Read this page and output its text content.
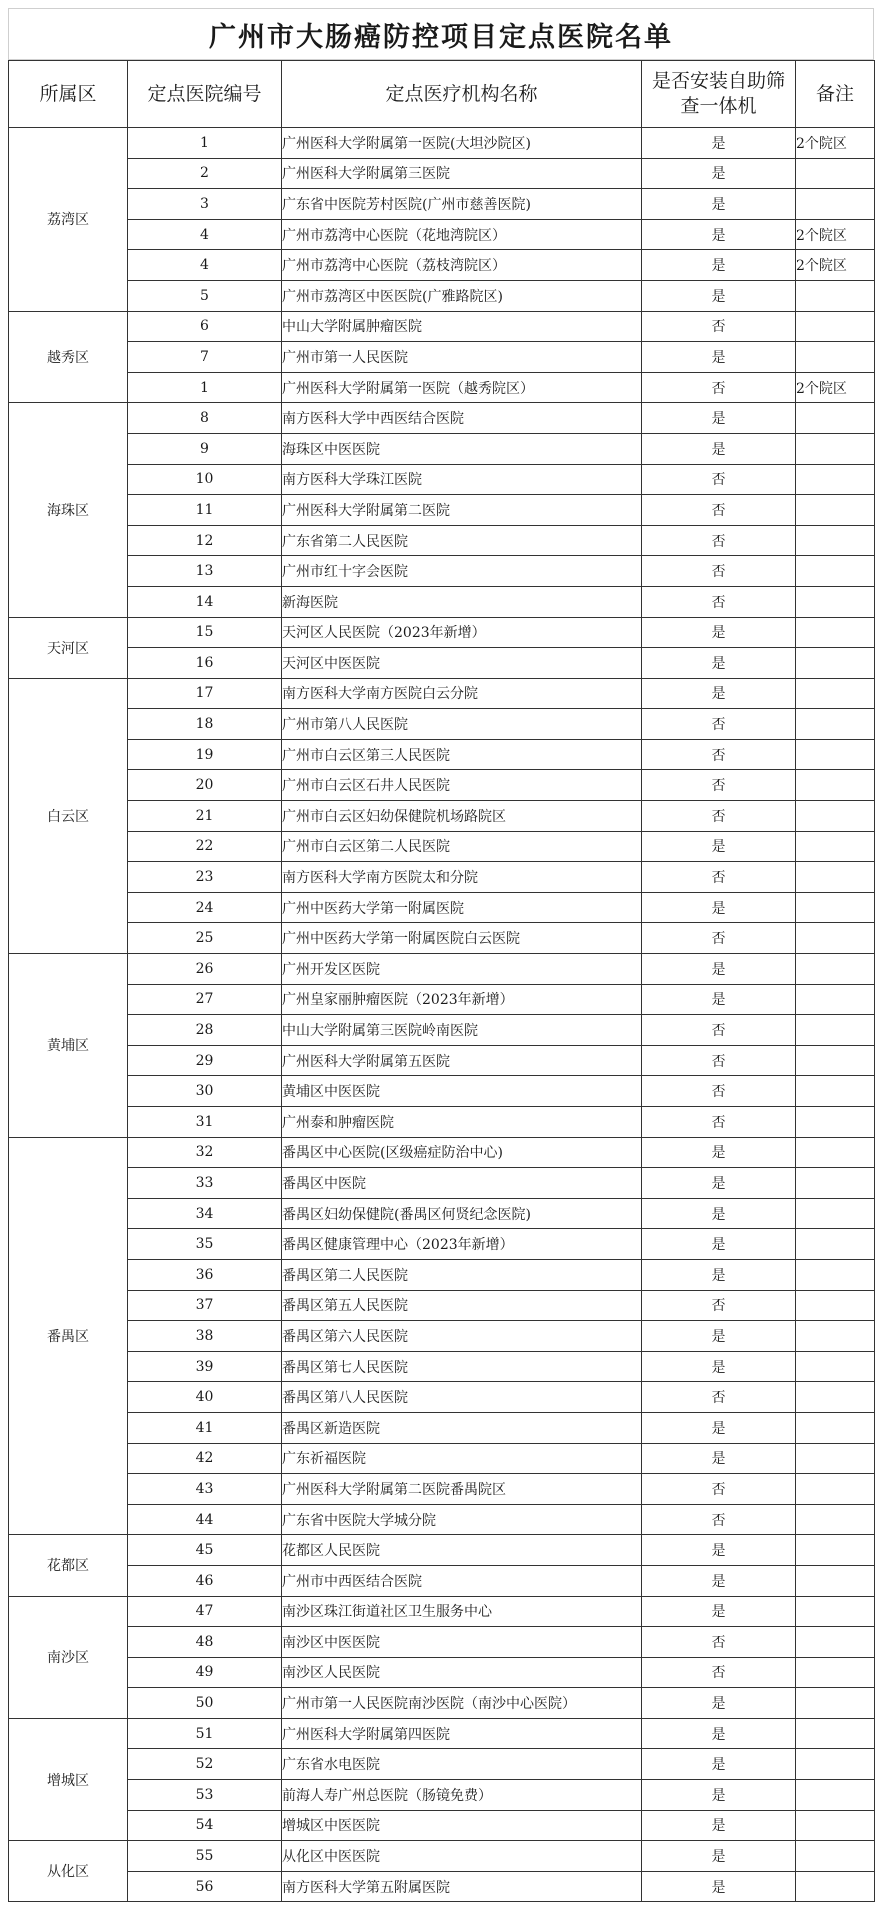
广州市大肠癌防控项目定点医院名单
所属区	定点医院编号	定点医疗机构名称	是否安装自助筛查一体机	备注
荔湾区	1	广州医科大学附属第一医院(大坦沙院区)	是	2个院区
	2	广州医科大学附属第三医院	是	
	3	广东省中医院芳村医院(广州市慈善医院)	是	
	4	广州市荔湾中心医院（花地湾院区）	是	2个院区
	4	广州市荔湾中心医院（荔枝湾院区）	是	2个院区
	5	广州市荔湾区中医医院(广雅路院区)	是	
越秀区	6	中山大学附属肿瘤医院	否	
	7	广州市第一人民医院	是	
	1	广州医科大学附属第一医院（越秀院区）	否	2个院区
海珠区	8	南方医科大学中西医结合医院	是	
	9	海珠区中医医院	是	
	10	南方医科大学珠江医院	否	
	11	广州医科大学附属第二医院	否	
	12	广东省第二人民医院	否	
	13	广州市红十字会医院	否	
	14	新海医院	否	
天河区	15	天河区人民医院（2023年新增）	是	
	16	天河区中医医院	是	
白云区	17	南方医科大学南方医院白云分院	是	
	18	广州市第八人民医院	否	
	19	广州市白云区第三人民医院	否	
	20	广州市白云区石井人民医院	否	
	21	广州市白云区妇幼保健院机场路院区	否	
	22	广州市白云区第二人民医院	是	
	23	南方医科大学南方医院太和分院	否	
	24	广州中医药大学第一附属医院	是	
	25	广州中医药大学第一附属医院白云医院	否	
黄埔区	26	广州开发区医院	是	
	27	广州皇家丽肿瘤医院（2023年新增）	是	
	28	中山大学附属第三医院岭南医院	否	
	29	广州医科大学附属第五医院	否	
	30	黄埔区中医医院	否	
	31	广州泰和肿瘤医院	否	
番禺区	32	番禺区中心医院(区级癌症防治中心)	是	
	33	番禺区中医院	是	
	34	番禺区妇幼保健院(番禺区何贤纪念医院)	是	
	35	番禺区健康管理中心（2023年新增）	是	
	36	番禺区第二人民医院	是	
	37	番禺区第五人民医院	否	
	38	番禺区第六人民医院	是	
	39	番禺区第七人民医院	是	
	40	番禺区第八人民医院	否	
	41	番禺区新造医院	是	
	42	广东祈福医院	是	
	43	广州医科大学附属第二医院番禺院区	否	
	44	广东省中医院大学城分院	否	
花都区	45	花都区人民医院	是	
	46	广州市中西医结合医院	是	
南沙区	47	南沙区珠江街道社区卫生服务中心	是	
	48	南沙区中医医院	否	
	49	南沙区人民医院	否	
	50	广州市第一人民医院南沙医院（南沙中心医院）	是	
增城区	51	广州医科大学附属第四医院	是	
	52	广东省水电医院	是	
	53	前海人寿广州总医院（肠镜免费）	是	
	54	增城区中医医院	是	
从化区	55	从化区中医医院	是	
	56	南方医科大学第五附属医院	是	
